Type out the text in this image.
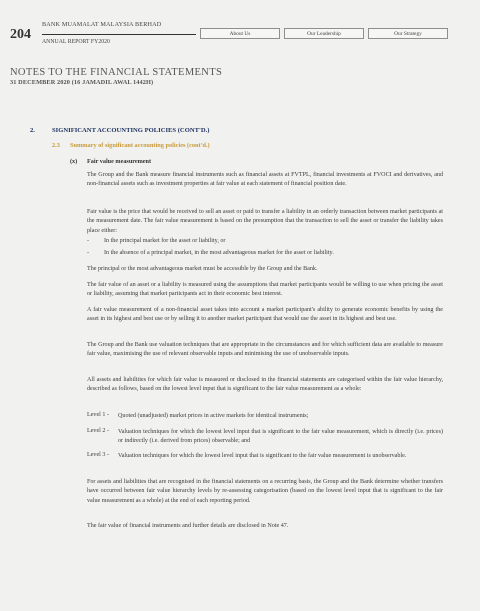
204
BANK MUAMALAT MALAYSIA BERHAD
ANNUAL REPORT FY2020
About Us	Our Leadership	Our Strategy
NOTES TO THE FINANCIAL STATEMENTS
31 DECEMBER 2020 (16 JAMADIL AWAL 1442H)
2.	SIGNIFICANT ACCOUNTING POLICIES (CONT'D.)
2.3 Summary of significant accounting policies (cont'd.)
(x) Fair value measurement

The Group and the Bank measure financial instruments such as financial assets at FVTPL, financial investments at FVOCI and derivatives, and non-financial assets such as investment properties at fair value at each statement of financial position date.

Fair value is the price that would be received to sell an asset or paid to transfer a liability in an orderly transaction between market participants at the measurement date. The fair value measurement is based on the presumption that the transaction to sell the asset or transfer the liability takes place either:

- In the principal market for the asset or liability, or
- In the absence of a principal market, in the most advantageous market for the asset or liability.

The principal or the most advantageous market must be accessible by the Group and the Bank.

The fair value of an asset or a liability is measured using the assumptions that market participants would be willing to use when pricing the asset or liability, assuming that market participants act in their economic best interest.

A fair value measurement of a non-financial asset takes into account a market participant's ability to generate economic benefits by using the asset in its highest and best use or by selling it to another market participant that would use the asset in its highest and best use.

The Group and the Bank use valuation techniques that are appropriate in the circumstances and for which sufficient data are available to measure fair value, maximising the use of relevant observable inputs and minimising the use of unobservable inputs.

All assets and liabilities for which fair value is measured or disclosed in the financial statements are categorised within the fair value hierarchy, described as follows, based on the lowest level input that is significant to the fair value measurement as a whole:

Level 1 - Quoted (unadjusted) market prices in active markets for identical instruments;

Level 2 - Valuation techniques for which the lowest level input that is significant to the fair value measurement, which is directly (i.e. prices) or indirectly (i.e. derived from prices) observable; and

Level 3 - Valuation techniques for which the lowest level input that is significant to the fair value measurement is unobservable.

For assets and liabilities that are recognised in the financial statements on a recurring basis, the Group and the Bank determine whether transfers have occurred between fair value hierarchy levels by re-assessing categorisation (based on the lowest level input that is significant to the fair value measurement as a whole) at the end of each reporting period.

The fair value of financial instruments and further details are disclosed in Note 47.
